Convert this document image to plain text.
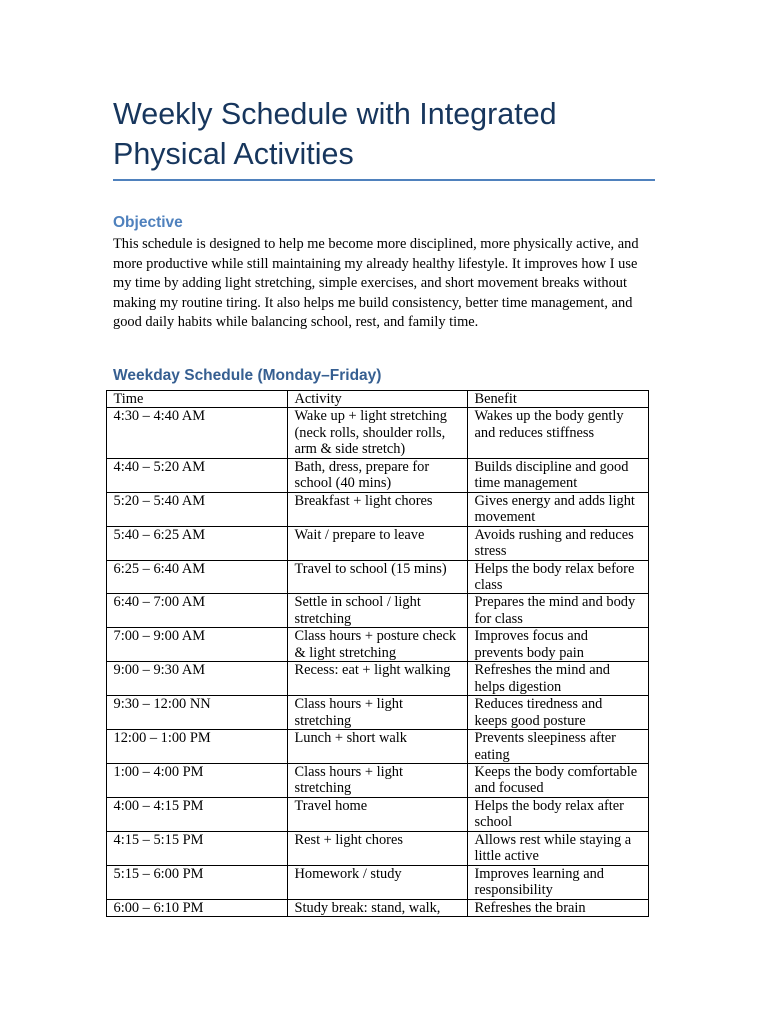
Weekly Schedule with Integrated Physical Activities
Objective

This schedule is designed to help me become more disciplined, more physically active, and
more productive while still maintaining my already healthy lifestyle. It improves how I use
my time by adding light stretching, simple exercises, and short movement breaks without
making my routine tiring. It also helps me build consistency, better time management, and
good daily habits while balancing school, rest, and family time.

Weekday Schedule (Monday–Friday)
Time	Activity	Benefit
4:30 – 4:40 AM	Wake up + light stretching
(neck rolls, shoulder rolls,
arm & side stretch)	Wakes up the body gently
and reduces stiffness
4:40 – 5:20 AM	Bath, dress, prepare for
school (40 mins)	Builds discipline and good
time management
5:20 – 5:40 AM	Breakfast + light chores	Gives energy and adds light
movement
5:40 – 6:25 AM	Wait / prepare to leave	Avoids rushing and reduces
stress
6:25 – 6:40 AM	Travel to school (15 mins)	Helps the body relax before
class
6:40 – 7:00 AM	Settle in school / light
stretching	Prepares the mind and body
for class
7:00 – 9:00 AM	Class hours + posture check
& light stretching	Improves focus and
prevents body pain
9:00 – 9:30 AM	Recess: eat + light walking	Refreshes the mind and
helps digestion
9:30 – 12:00 NN	Class hours + light
stretching	Reduces tiredness and
keeps good posture
12:00 – 1:00 PM	Lunch + short walk	Prevents sleepiness after
eating
1:00 – 4:00 PM	Class hours + light
stretching	Keeps the body comfortable
and focused
4:00 – 4:15 PM	Travel home	Helps the body relax after
school
4:15 – 5:15 PM	Rest + light chores	Allows rest while staying a
little active
5:15 – 6:00 PM	Homework / study	Improves learning and
responsibility
6:00 – 6:10 PM	Study break: stand, walk,	Refreshes the brain
